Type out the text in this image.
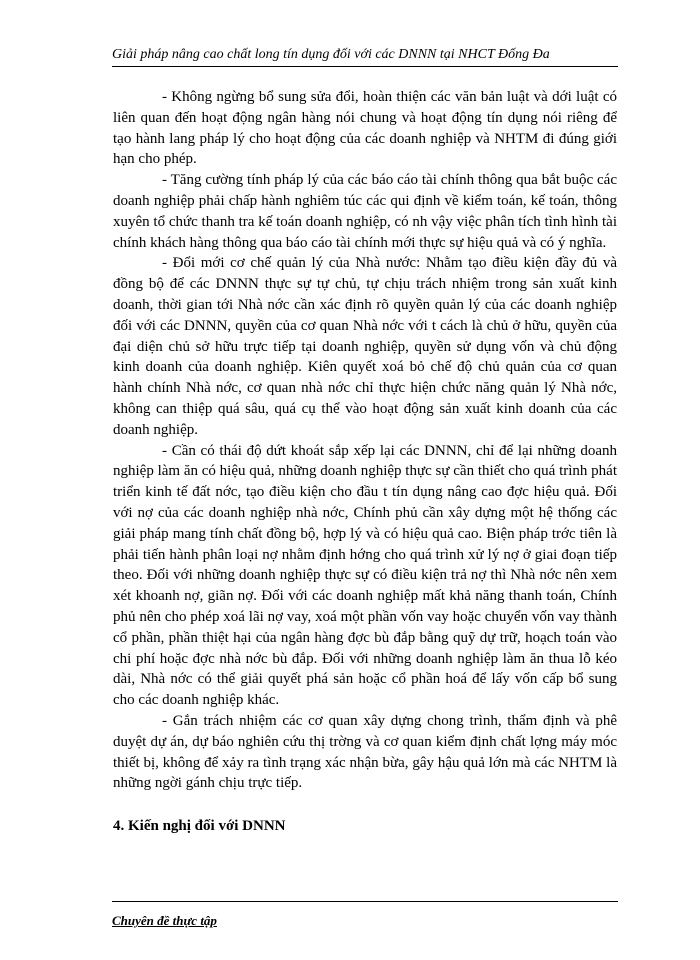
Giải pháp nâng cao chất long tín dụng đối với các DNNN tại NHCT Đống Đa

- Không ngừng bổ sung sửa đổi, hoàn thiện các văn bản luật và dới luật có liên quan đến hoạt động ngân hàng nói chung và hoạt động tín dụng nói riêng để tạo hành lang pháp lý cho hoạt động của các doanh nghiệp và NHTM đi đúng giới hạn cho phép.

- Tăng cường tính pháp lý của các báo cáo tài chính thông qua bắt buộc các doanh nghiệp phải chấp hành nghiêm túc các qui định về kiểm toán, kế toán, thông xuyên tổ chức thanh tra kế toán doanh nghiệp, có nh vậy việc phân tích tình hình tài chính khách hàng thông qua báo cáo tài chính mới thực sự hiệu quả và có ý nghĩa.

- Đổi mới cơ chế quản lý của Nhà nước: Nhằm tạo điều kiện đầy đủ và đồng bộ để các DNNN thực sự tự chủ, tự chịu trách nhiệm trong sản xuất kinh doanh, thời gian tới Nhà nớc cần xác định rõ quyền quản lý của các doanh nghiệp đối với các DNNN, quyền của cơ quan Nhà nớc với t cách là chủ ở hữu, quyền của đại diện chủ sở hữu trực tiếp tại doanh nghiệp, quyền sử dụng vốn và chủ động kinh doanh của doanh nghiệp. Kiên quyết xoá bỏ chế độ chủ quản của cơ quan hành chính Nhà nớc, cơ quan nhà nớc chỉ thực hiện chức năng quản lý Nhà nớc, không can thiệp quá sâu, quá cụ thể vào hoạt động sản xuất kinh doanh của các doanh nghiệp.

- Cần có thái độ dứt khoát sắp xếp lại các DNNN, chỉ để lại những doanh nghiệp làm ăn có hiệu quả, những doanh nghiệp thực sự cần thiết cho quá trình phát triển kinh tế đất nớc, tạo điều kiện cho đầu t tín dụng nâng cao đợc hiệu quả. Đối với nợ của các doanh nghiệp nhà nớc, Chính phủ cần xây dựng một hệ thống các giải pháp mang tính chất đồng bộ, hợp lý và có hiệu quả cao. Biện pháp trớc tiên là phải tiến hành phân loại nợ nhằm định hớng cho quá trình xử lý nợ ở giai đoạn tiếp theo. Đối với những doanh nghiệp thực sự có điều kiện trả nợ thì Nhà nớc nên xem xét khoanh nợ, giãn nợ. Đối với các doanh nghiệp mất khả năng thanh toán, Chính phủ nên cho phép xoá lãi nợ vay, xoá một phần vốn vay hoặc chuyển vốn vay thành cổ phần, phần thiệt hại của ngân hàng đợc bù đắp bằng quỹ dự trữ, hoạch toán vào chi phí hoặc đợc nhà nớc bù đắp. Đối với những doanh nghiệp làm ăn thua lỗ kéo dài, Nhà nớc có thể giải quyết phá sản hoặc cổ phần hoá để lấy vốn cấp bổ sung cho các doanh nghiệp khác.

- Gắn trách nhiệm các cơ quan xây dựng chong trình, thẩm định và phê duyệt dự án, dự báo nghiên cứu thị trờng và cơ quan kiểm định chất lợng máy móc thiết bị, không để xảy ra tình trạng xác nhận bừa, gây hậu quả lớn mà các NHTM là những ngời gánh chịu trực tiếp.

4. Kiến nghị đối với DNNN
Chuyên đề thực tập
